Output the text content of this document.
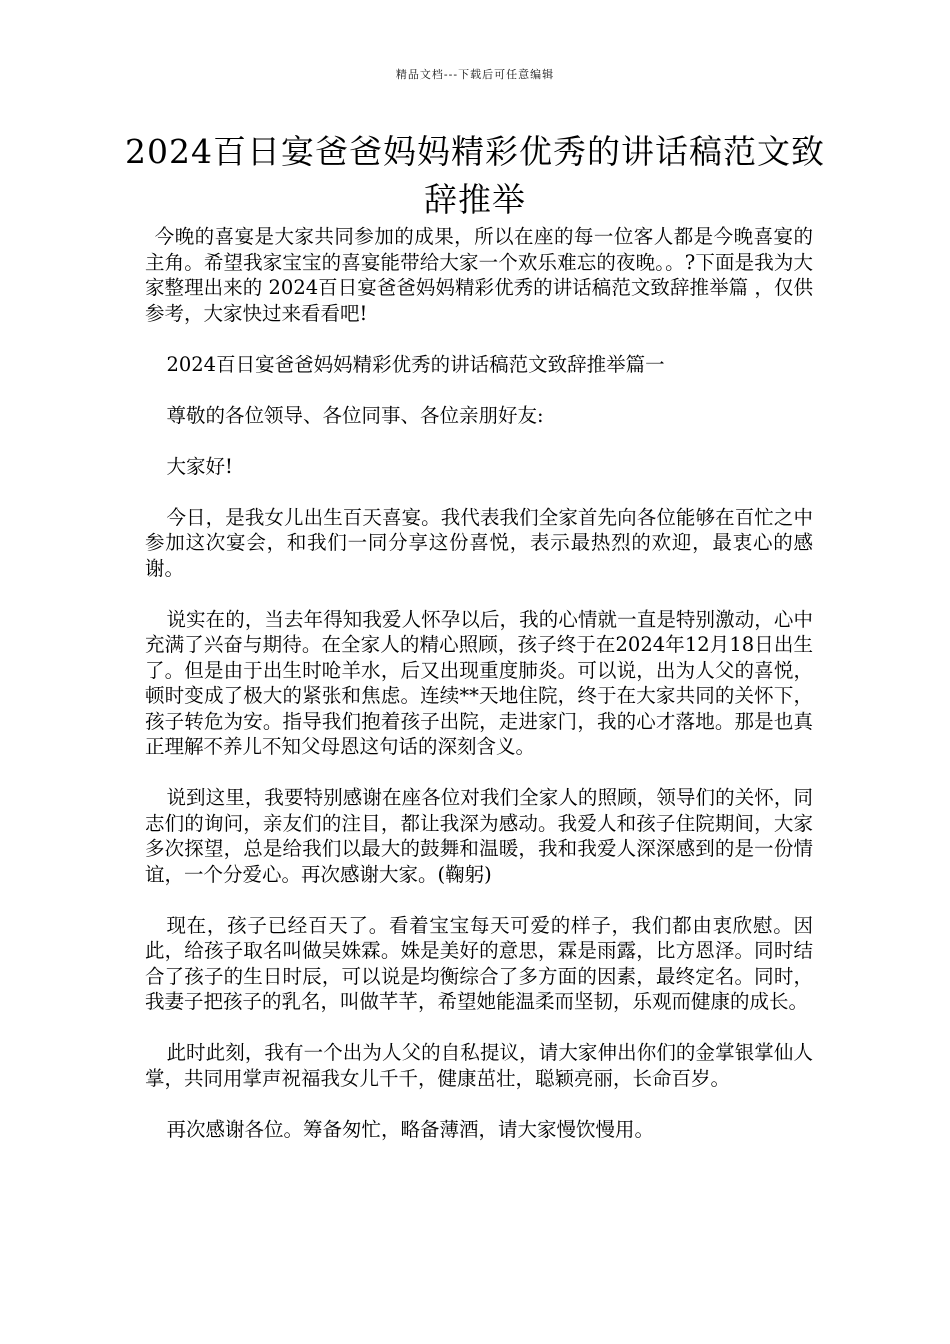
精品文档---下载后可任意编辑
2024百日宴爸爸妈妈精彩优秀的讲话稿范文致辞推举

今晚的喜宴是大家共同参加的成果，所以在座的每一位客人都是今晚喜宴的主角。希望我家宝宝的喜宴能带给大家一个欢乐难忘的夜晚。。?下面是我为大家整理出来的 2024百日宴爸爸妈妈精彩优秀的讲话稿范文致辞推举篇 ，仅供参考，大家快过来看看吧!

2024百日宴爸爸妈妈精彩优秀的讲话稿范文致辞推举篇一

尊敬的各位领导、各位同事、各位亲朋好友:

大家好!

今日，是我女儿出生百天喜宴。我代表我们全家首先向各位能够在百忙之中参加这次宴会，和我们一同分享这份喜悦，表示最热烈的欢迎，最衷心的感谢。

说实在的，当去年得知我爱人怀孕以后，我的心情就一直是特别激动，心中充满了兴奋与期待。在全家人的精心照顾，孩子终于在2024年12月18日出生了。但是由于出生时呛羊水，后又出现重度肺炎。可以说，出为人父的喜悦，顿时变成了极大的紧张和焦虑。连续**天地住院，终于在大家共同的关怀下，孩子转危为安。指导我们抱着孩子出院，走进家门，我的心才落地。那是也真正理解不养儿不知父母恩这句话的深刻含义。

说到这里，我要特别感谢在座各位对我们全家人的照顾，领导们的关怀，同志们的询问，亲友们的注目，都让我深为感动。我爱人和孩子住院期间，大家多次探望，总是给我们以最大的鼓舞和温暖，我和我爱人深深感到的是一份情谊，一个分爱心。再次感谢大家。(鞠躬)

现在，孩子已经百天了。看着宝宝每天可爱的样子，我们都由衷欣慰。因此，给孩子取名叫做吴姝霖。姝是美好的意思，霖是雨露，比方恩泽。同时结合了孩子的生日时辰，可以说是均衡综合了多方面的因素，最终定名。同时，我妻子把孩子的乳名，叫做芊芊，希望她能温柔而坚韧，乐观而健康的成长。

此时此刻，我有一个出为人父的自私提议，请大家伸出你们的金掌银掌仙人掌，共同用掌声祝福我女儿千千，健康茁壮，聪颖亮丽，长命百岁。

再次感谢各位。筹备匆忙，略备薄酒，请大家慢饮慢用。
